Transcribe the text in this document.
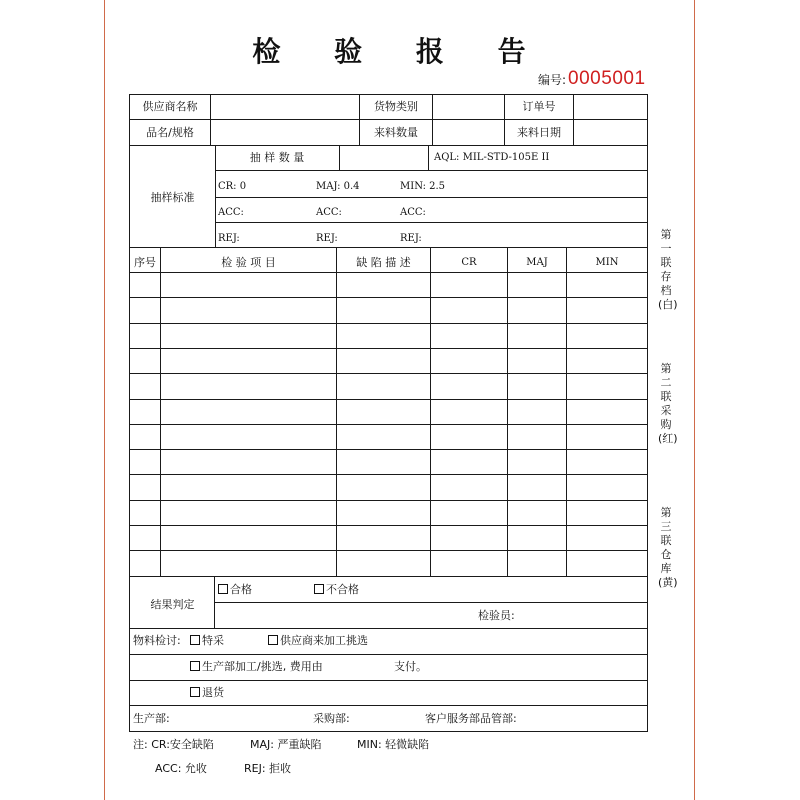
检 验 报 告
编号: 0005001
供应商名称	货物类别	订单号
品名/规格	来料数量	来料日期
抽样标准
抽 样 数 量	AQL: MIL-STD-105E II
CR: 0	MAJ: 0.4	MIN: 2.5
ACC:	ACC:	ACC:
REJ:	REJ:	REJ:
序号	检 验 项 目	缺 陷 描 述	CR	MAJ	MIN
结果判定
合格	不合格
检验员:
物料检讨:	特采	供应商来加工挑选
生产部加工/挑选, 费用由	支付。
退货
生产部:	采购部:	客户服务部品管部:
注: CR:安全缺陷	MAJ: 严重缺陷	MIN: 轻微缺陷
ACC: 允收	REJ: 拒收
第一联存档(白)
第二联采购(红)
第三联仓库(黄)
